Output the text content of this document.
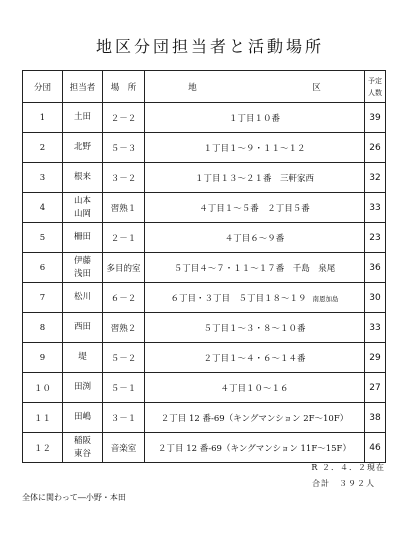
地区分団担当者と活動場所
分団	担当者	場　所	地 区	予定
人数

1	土田	２－２	１丁目１０番	39
2	北野	５－３	１丁目１～９・１１～１２	26
3	根来	３－２	１丁目１３～２１番　三軒家西	32
4	山本
山岡	習熟１	４丁目１～５番　２丁目５番	33
5	柵田	２－１	４丁目６～９番	23
6	伊藤
浅田	多目的室	５丁目４～７・１１～１７番　千島　泉尾	36
7	松川	６－２	６丁目・３丁目　５丁目１８～１９ 南恩加島	30
8	西田	習熟２	５丁目１～３・８～１０番	33
9	堤	５－２	２丁目１～４・６～１４番	29
１０	田渕	５－１	４丁目１０～１６	27
１１	田嶋	３－１	２丁目 12 番-69（キングマンション 2F～10F）	38
１２	稲阪
東谷	音楽室	２丁目 12 番-69（キングマンション 11F～15F）	46
R ２．４．２現在
合計　３９２人
全体に関わって―小野・本田
